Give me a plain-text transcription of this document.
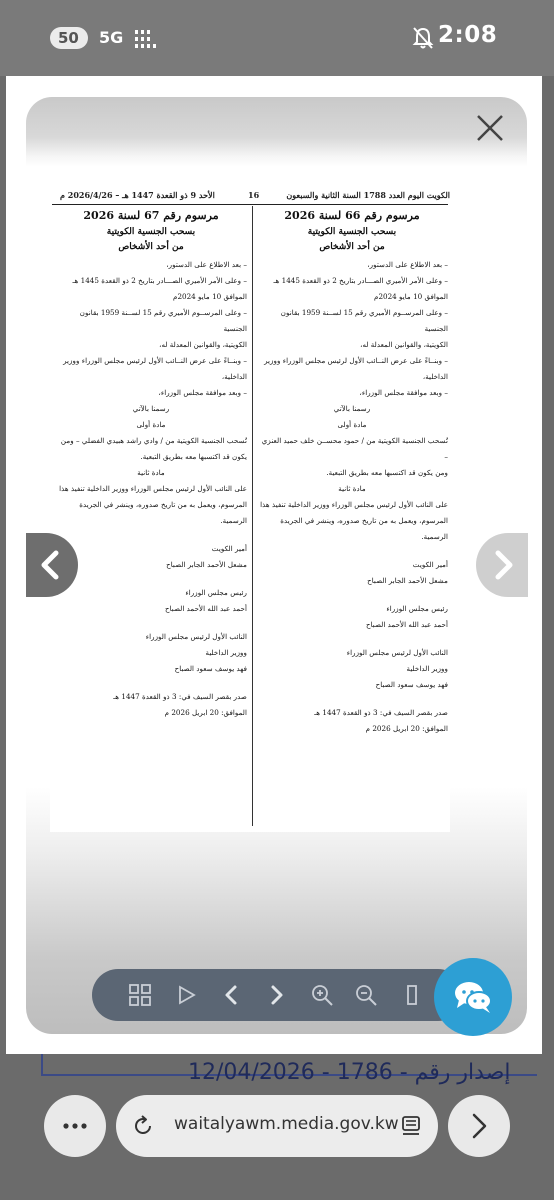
50 5G	2:08
الكويت اليوم العدد 1788 السنة الثانية والسبعون
16
الأحد 9 ذو القعدة 1447 هـ – 2026/4/26 م
مرسوم رقم 66 لسنة 2026
بسحب الجنسية الكويتية
من أحد الأشخاص

– بعد الاطلاع على الدستور،

– وعلى الأمر الأميري الصـــادر بتاريخ 2 ذو القعدة 1445 هـ

الموافق 10 مايو 2024م

– وعلى المرســوم الأميري رقم 15 لســنة 1959 بقانون الجنسية

الكويتية، والقوانين المعدلة له،

– وبنــاءً على عرض النــائب الأول لرئيس مجلس الوزراء ووزير

الداخلية،

– وبعد موافقة مجلس الوزراء،

رسمنا بالآتي

مادة أولى

تُسحب الجنسية الكويتية من / حمود محســن خلف حميد العنزي –

ومن يكون قد اكتسبها معه بطريق التبعية.

مادة ثانية

على النائب الأول لرئيس مجلس الوزراء ووزير الداخلية تنفيذ هذا

المرسوم، ويعمل به من تاريخ صدوره، وينشر في الجريدة الرسمية.

أمير الكويت

مشعل الأحمد الجابر الصباح

رئيس مجلس الوزراء

أحمد عبد الله الأحمد الصباح

النائب الأول لرئيس مجلس الوزراء

ووزير الداخلية

فهد يوسف سعود الصباح

صدر بقصر السيف في: 3 ذو القعدة 1447 هـ

الموافق: 20 ابريل 2026 م

مرسوم رقم 67 لسنة 2026
بسحب الجنسية الكويتية
من أحد الأشخاص

– بعد الاطلاع على الدستور،

– وعلى الأمر الأميري الصـــادر بتاريخ 2 ذو القعدة 1445 هـ

الموافق 10 مايو 2024م

– وعلى المرســوم الأميري رقم 15 لســنة 1959 بقانون الجنسية

الكويتية، والقوانين المعدلة له،

– وبنــاءً على عرض النــائب الأول لرئيس مجلس الوزراء ووزير

الداخلية،

– وبعد موافقة مجلس الوزراء،

رسمنا بالآتي

مادة أولى

تُسحب الجنسية الكويتية من / وادي راشد هبيدي الفضلي – ومن

يكون قد اكتسبها معه بطريق التبعية.

مادة ثانية

على النائب الأول لرئيس مجلس الوزراء ووزير الداخلية تنفيذ هذا

المرسوم، ويعمل به من تاريخ صدوره، وينشر في الجريدة الرسمية.

أمير الكويت

مشعل الأحمد الجابر الصباح

رئيس مجلس الوزراء

أحمد عبد الله الأحمد الصباح

النائب الأول لرئيس مجلس الوزراء

ووزير الداخلية

فهد يوسف سعود الصباح

صدر بقصر السيف في: 3 ذو القعدة 1447 هـ

الموافق: 20 ابريل 2026 م

12/04/2026 - 1786 - إصدار رقم
waitalyawm.media.gov.kw
